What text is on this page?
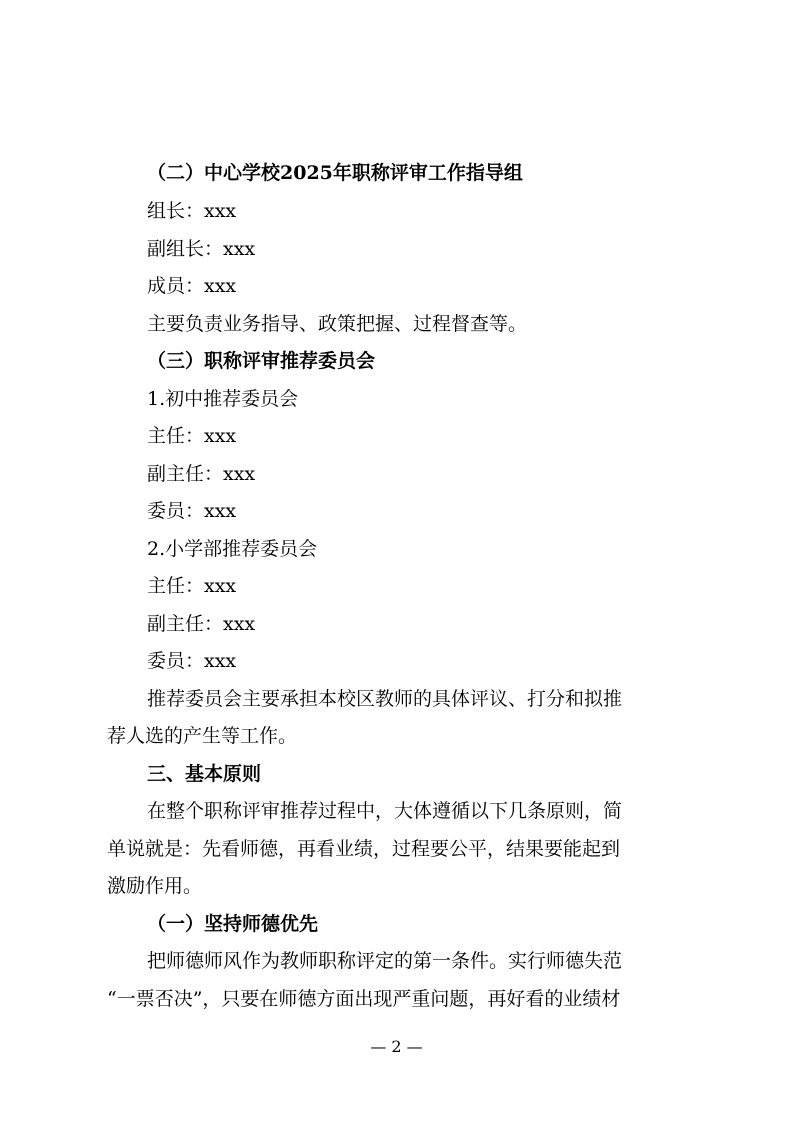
（二）中心学校2025年职称评审工作指导组
组长：xxx
副组长：xxx
成员：xxx
主要负责业务指导、政策把握、过程督查等。
（三）职称评审推荐委员会
1.初中推荐委员会
主任：xxx
副主任：xxx
委员：xxx
2.小学部推荐委员会
主任：xxx
副主任：xxx
委员：xxx
推荐委员会主要承担本校区教师的具体评议、打分和拟推
荐人选的产生等工作。
三、基本原则
在整个职称评审推荐过程中，大体遵循以下几条原则，简
单说就是：先看师德，再看业绩，过程要公平，结果要能起到
激励作用。
（一）坚持师德优先
把师德师风作为教师职称评定的第一条件。实行师德失范
“一票否决”，只要在师德方面出现严重问题，再好看的业绩材
— 2 —
